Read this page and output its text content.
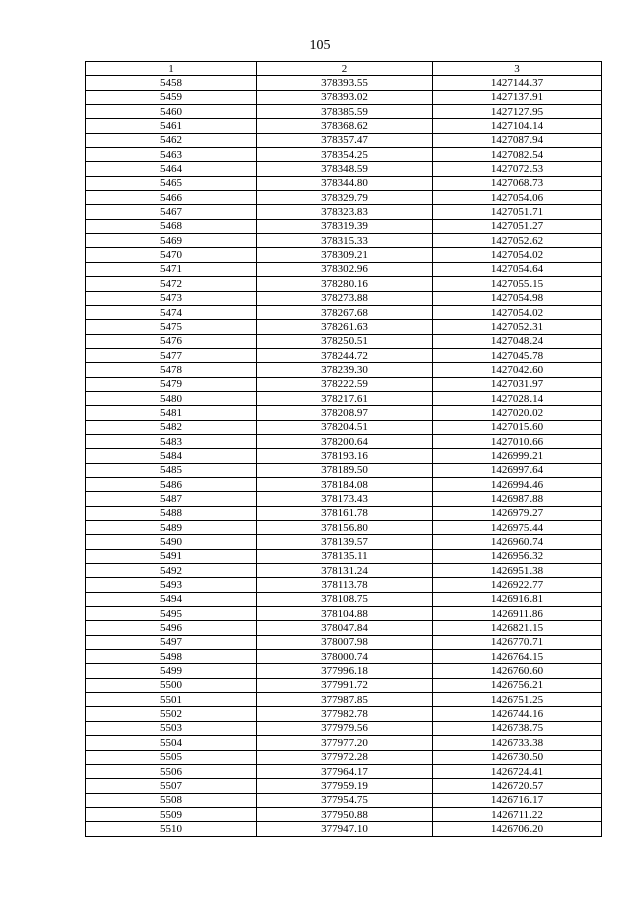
105
1	2	3
5458	378393.55	1427144.37
5459	378393.02	1427137.91
5460	378385.59	1427127.95
5461	378368.62	1427104.14
5462	378357.47	1427087.94
5463	378354.25	1427082.54
5464	378348.59	1427072.53
5465	378344.80	1427068.73
5466	378329.79	1427054.06
5467	378323.83	1427051.71
5468	378319.39	1427051.27
5469	378315.33	1427052.62
5470	378309.21	1427054.02
5471	378302.96	1427054.64
5472	378280.16	1427055.15
5473	378273.88	1427054.98
5474	378267.68	1427054.02
5475	378261.63	1427052.31
5476	378250.51	1427048.24
5477	378244.72	1427045.78
5478	378239.30	1427042.60
5479	378222.59	1427031.97
5480	378217.61	1427028.14
5481	378208.97	1427020.02
5482	378204.51	1427015.60
5483	378200.64	1427010.66
5484	378193.16	1426999.21
5485	378189.50	1426997.64
5486	378184.08	1426994.46
5487	378173.43	1426987.88
5488	378161.78	1426979.27
5489	378156.80	1426975.44
5490	378139.57	1426960.74
5491	378135.11	1426956.32
5492	378131.24	1426951.38
5493	378113.78	1426922.77
5494	378108.75	1426916.81
5495	378104.88	1426911.86
5496	378047.84	1426821.15
5497	378007.98	1426770.71
5498	378000.74	1426764.15
5499	377996.18	1426760.60
5500	377991.72	1426756.21
5501	377987.85	1426751.25
5502	377982.78	1426744.16
5503	377979.56	1426738.75
5504	377977.20	1426733.38
5505	377972.28	1426730.50
5506	377964.17	1426724.41
5507	377959.19	1426720.57
5508	377954.75	1426716.17
5509	377950.88	1426711.22
5510	377947.10	1426706.20
